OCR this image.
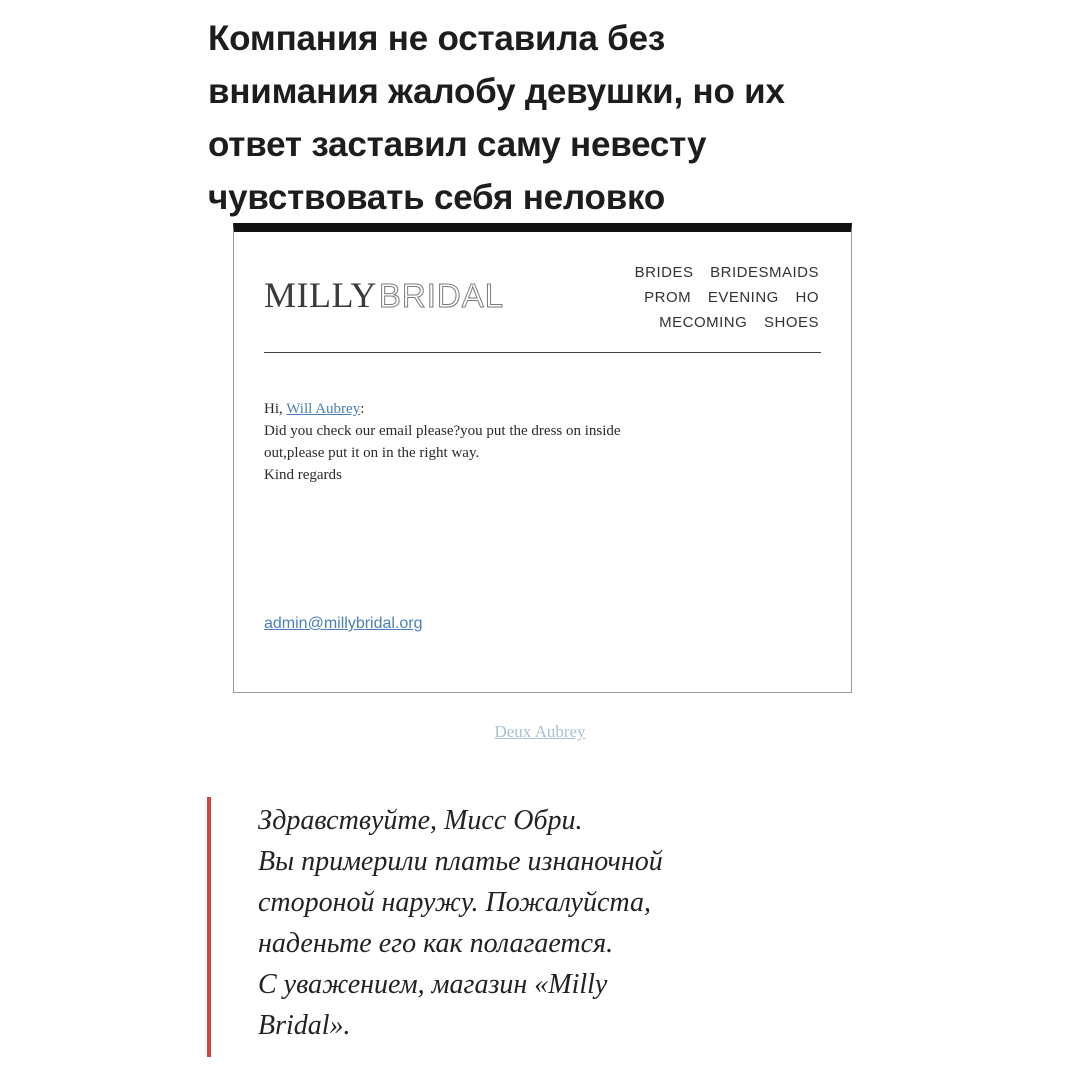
Компания не оставила без
внимания жалобу девушки, но их
ответ заставил саму невесту
чувствовать себя неловко
MILLYBRIDAL
BRIDES BRIDESMAIDS
PROM EVENING HO
MECOMING SHOES

Hi, Will Aubrey:

Did you check our email please?you put the dress on inside

out,please put it on in the right way.

Kind regards

admin@millybridal.org
Deux Aubrey
Здравствуйте, Мисс Обри.
Вы примерили платье изнаночной
стороной наружу. Пожалуйста,
наденьте его как полагается.
С уважением, магазин «Milly
Bridal».
